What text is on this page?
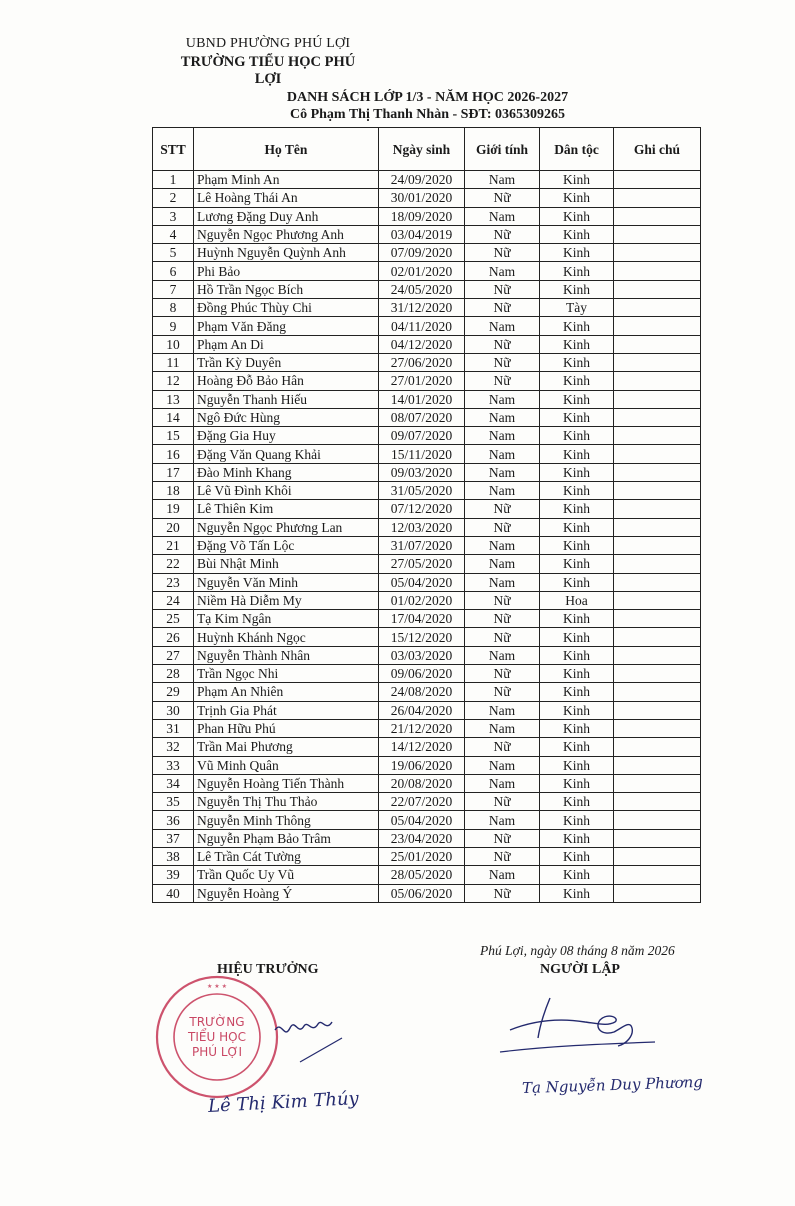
UBND PHƯỜNG PHÚ LỢI
TRƯỜNG TIỂU HỌC PHÚ LỢI
DANH SÁCH LỚP 1/3 - NĂM HỌC 2026-2027
Cô Phạm Thị Thanh Nhàn - SĐT: 0365309265
STT	Họ Tên	Ngày sinh	Giới tính	Dân tộc	Ghi chú
1	Phạm Minh An	24/09/2020	Nam	Kinh	
2	Lê Hoàng Thái An	30/01/2020	Nữ	Kinh	
3	Lương Đặng Duy Anh	18/09/2020	Nam	Kinh	
4	Nguyễn Ngọc Phương Anh	03/04/2019	Nữ	Kinh	
5	Huỳnh Nguyễn Quỳnh Anh	07/09/2020	Nữ	Kinh	
6	Phi Bảo	02/01/2020	Nam	Kinh	
7	Hồ Trần Ngọc Bích	24/05/2020	Nữ	Kinh	
8	Đồng Phúc Thùy Chi	31/12/2020	Nữ	Tày	
9	Phạm Văn Đăng	04/11/2020	Nam	Kinh	
10	Phạm An Di	04/12/2020	Nữ	Kinh	
11	Trần Kỳ Duyên	27/06/2020	Nữ	Kinh	
12	Hoàng Đỗ Bảo Hân	27/01/2020	Nữ	Kinh	
13	Nguyễn Thanh Hiếu	14/01/2020	Nam	Kinh	
14	Ngô Đức Hùng	08/07/2020	Nam	Kinh	
15	Đặng Gia Huy	09/07/2020	Nam	Kinh	
16	Đặng Văn Quang Khải	15/11/2020	Nam	Kinh	
17	Đào Minh Khang	09/03/2020	Nam	Kinh	
18	Lê Vũ Đình Khôi	31/05/2020	Nam	Kinh	
19	Lê Thiên Kim	07/12/2020	Nữ	Kinh	
20	Nguyễn Ngọc Phương Lan	12/03/2020	Nữ	Kinh	
21	Đặng Võ Tấn Lộc	31/07/2020	Nam	Kinh	
22	Bùi Nhật Minh	27/05/2020	Nam	Kinh	
23	Nguyễn Văn Minh	05/04/2020	Nam	Kinh	
24	Niềm Hà Diễm My	01/02/2020	Nữ	Hoa	
25	Tạ Kim Ngân	17/04/2020	Nữ	Kinh	
26	Huỳnh Khánh Ngọc	15/12/2020	Nữ	Kinh	
27	Nguyễn Thành Nhân	03/03/2020	Nam	Kinh	
28	Trần Ngọc Nhi	09/06/2020	Nữ	Kinh	
29	Phạm An Nhiên	24/08/2020	Nữ	Kinh	
30	Trịnh Gia Phát	26/04/2020	Nam	Kinh	
31	Phan Hữu Phú	21/12/2020	Nam	Kinh	
32	Trần Mai Phương	14/12/2020	Nữ	Kinh	
33	Vũ Minh Quân	19/06/2020	Nam	Kinh	
34	Nguyễn Hoàng Tiến Thành	20/08/2020	Nam	Kinh	
35	Nguyễn Thị Thu Thảo	22/07/2020	Nữ	Kinh	
36	Nguyễn Minh Thông	05/04/2020	Nam	Kinh	
37	Nguyễn Phạm Bảo Trâm	23/04/2020	Nữ	Kinh	
38	Lê Trần Cát Tường	25/01/2020	Nữ	Kinh	
39	Trần Quốc Uy Vũ	28/05/2020	Nam	Kinh	
40	Nguyễn Hoàng Ý	05/06/2020	Nữ	Kinh	
Phú Lợi, ngày 08 tháng 8 năm 2026
HIỆU TRƯỞNG	NGƯỜI LẬP
TRƯỜNG
TIỂU HỌC
PHÚ LỢI
★ ★ ★
Lê Thị Kim Thúy
Tạ Nguyễn Duy Phương
